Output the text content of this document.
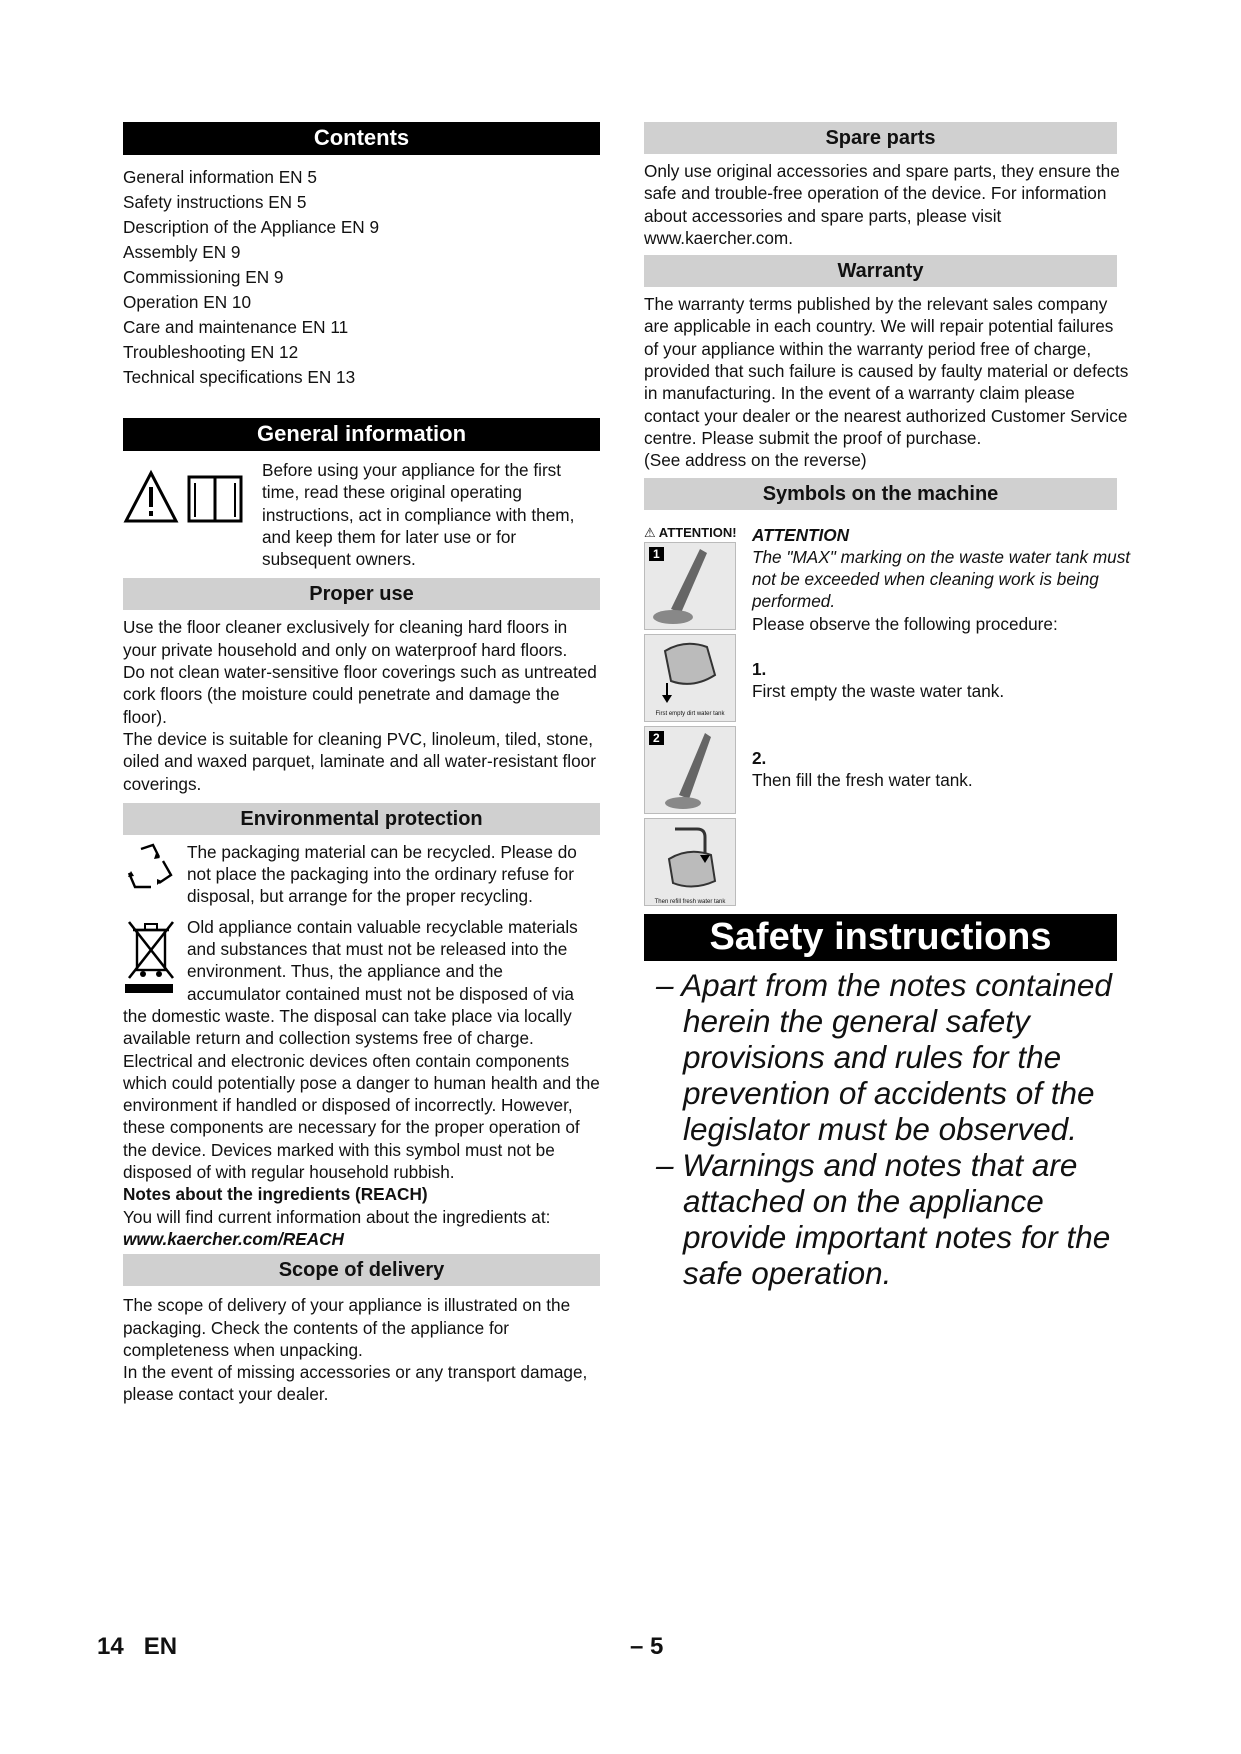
Contents
General information EN 5
Safety instructions EN 5
Description of the Appliance EN 9
Assembly EN 9
Commissioning EN 9
Operation EN 10
Care and maintenance EN 11
Troubleshooting EN 12
Technical specifications EN 13
General information

Before using your appliance for the first time, read these original operating instructions, act in compliance with them, and keep them for later use or for subsequent owners.

Proper use

Use the floor cleaner exclusively for cleaning hard floors in your private household and only on waterproof hard floors.

Do not clean water-sensitive floor coverings such as untreated cork floors (the moisture could penetrate and damage the floor).

The device is suitable for cleaning PVC, linoleum, tiled, stone, oiled and waxed parquet, laminate and all water-resistant floor coverings.

Environmental protection

The packaging material can be recycled. Please do not place the packaging into the ordinary refuse for disposal, but arrange for the proper recycling.

Old appliance contain valuable recyclable materials and substances that must not be released into the environment. Thus, the appliance and the accumulator contained must not be disposed of via the domestic waste. The disposal can take place via locally available return and collection systems free of charge.

Electrical and electronic devices often contain components which could potentially pose a danger to human health and the environment if handled or disposed of incorrectly. However, these components are necessary for the proper operation of the device. Devices marked with this symbol must not be disposed of with regular household rubbish.

Notes about the ingredients (REACH)

You will find current information about the ingredients at:

www.kaercher.com/REACH

Scope of delivery

The scope of delivery of your appliance is illustrated on the packaging. Check the contents of the appliance for completeness when unpacking.

In the event of missing accessories or any transport damage, please contact your dealer.

Spare parts

Only use original accessories and spare parts, they ensure the safe and trouble-free operation of the device. For information about accessories and spare parts, please visit www.kaercher.com.

Warranty

The warranty terms published by the relevant sales company are applicable in each country. We will repair potential failures of your appliance within the warranty period free of charge, provided that such failure is caused by faulty material or defects in manufacturing. In the event of a warranty claim please contact your dealer or the nearest authorized Customer Service centre. Please submit the proof of purchase.

(See address on the reverse)

Symbols on the machine
⚠ ATTENTION!
1
First empty dirt water tank
2
Then refill fresh water tank

ATTENTION

The "MAX" marking on the waste water tank must not be exceeded when cleaning work is being performed.

Please observe the following procedure:

1.

First empty the waste water tank.

2.

Then fill the fresh water tank.

Safety instructions

– Apart from the notes contained herein the general safety provisions and rules for the prevention of accidents of the legislator must be observed.

– Warnings and notes that are attached on the appliance provide important notes for the safe operation.

14 EN	– 5
